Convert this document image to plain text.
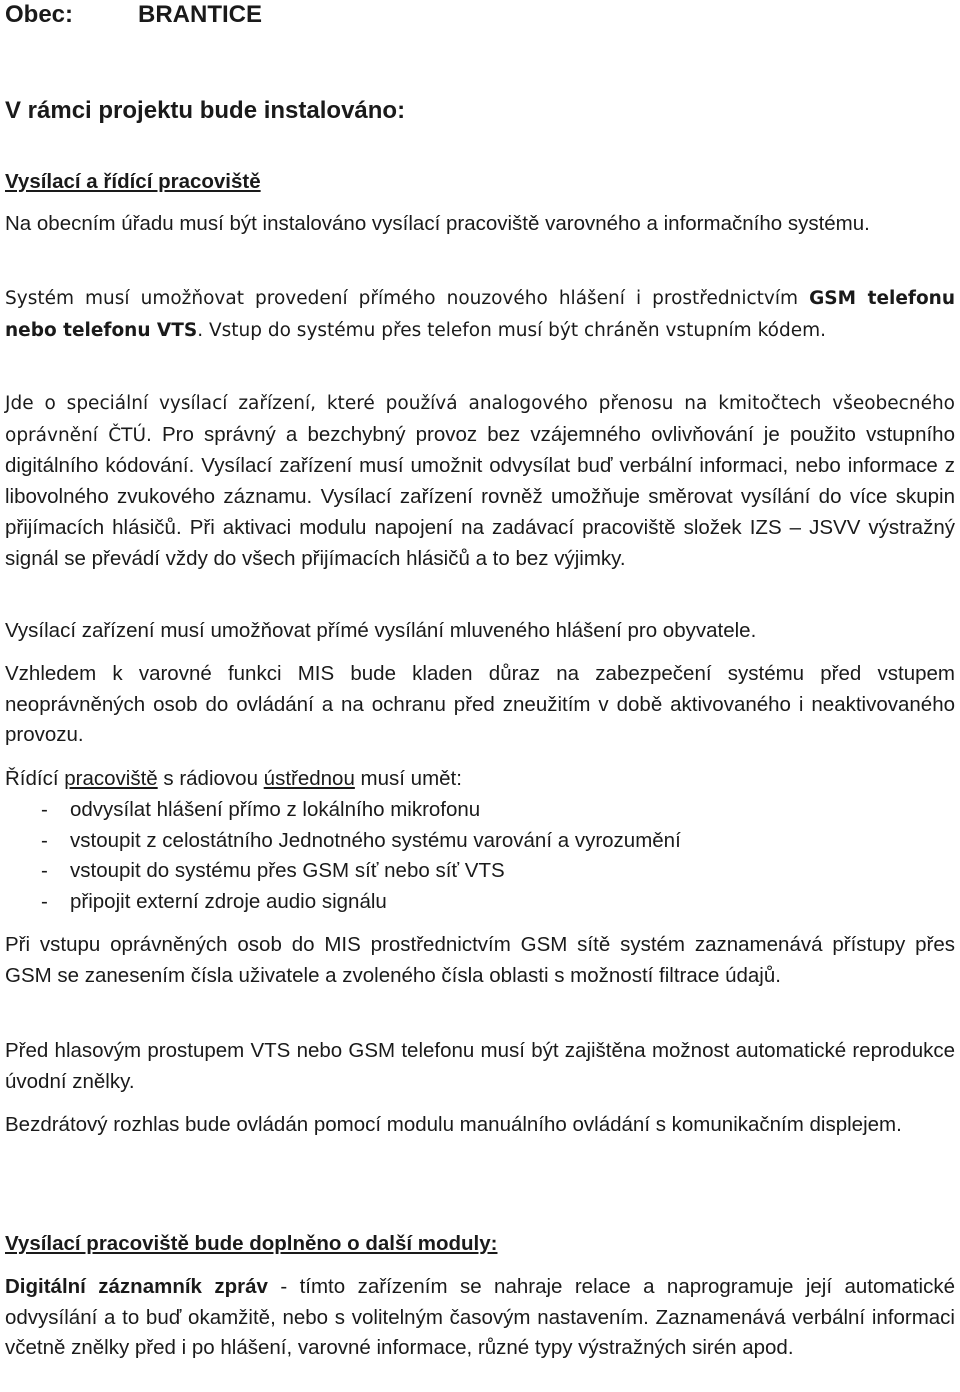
Obec:	BRANTICE
V rámci projektu bude instalováno:
Vysílací a řídící pracoviště

Na obecním úřadu musí být instalováno vysílací pracoviště varovného a informačního systému.

Systém musí umožňovat provedení přímého nouzového hlášení i prostřednictvím GSM telefonu nebo telefonu VTS. Vstup do systému přes telefon musí být chráněn vstupním kódem.

Jde o speciální vysílací zařízení, které používá analogového přenosu na kmitočtech všeobecného oprávnění ČTÚ. Pro správný a bezchybný provoz bez vzájemného ovlivňování je použito vstupního digitálního kódování. Vysílací zařízení musí umožnit odvysílat buď verbální informaci, nebo informace z libovolného zvukového záznamu. Vysílací zařízení rovněž umožňuje směrovat vysílání do více skupin přijímacích hlásičů. Při aktivaci modulu napojení na zadávací pracoviště složek IZS – JSVV výstražný signál se převádí vždy do všech přijímacích hlásičů a to bez výjimky.

Vysílací zařízení musí umožňovat přímé vysílání mluveného hlášení pro obyvatele.

Vzhledem k varovné funkci MIS bude kladen důraz na zabezpečení systému před vstupem neoprávněných osob do ovládání a na ochranu před zneužitím v době aktivovaného i neaktivovaného provozu.

Řídící pracoviště s rádiovou ústřednou musí umět:

- odvysílat hlášení přímo z lokálního mikrofonu
- vstoupit z celostátního Jednotného systému varování a vyrozumění
- vstoupit do systému přes GSM síť nebo síť VTS
- připojit externí zdroje audio signálu

Při vstupu oprávněných osob do MIS prostřednictvím GSM sítě systém zaznamenává přístupy přes GSM se zanesením čísla uživatele a zvoleného čísla oblasti s možností filtrace údajů.

Před hlasovým prostupem VTS nebo GSM telefonu musí být zajištěna možnost automatické reprodukce úvodní znělky.

Bezdrátový rozhlas bude ovládán pomocí modulu manuálního ovládání s komunikačním displejem.

Vysílací pracoviště bude doplněno o další moduly:

Digitální záznamník zpráv - tímto zařízením se nahraje relace a naprogramuje její automatické odvysílání a to buď okamžitě, nebo s volitelným časovým nastavením. Zaznamenává verbální informaci včetně znělky před i po hlášení, varovné informace, různé typy výstražných sirén apod.
